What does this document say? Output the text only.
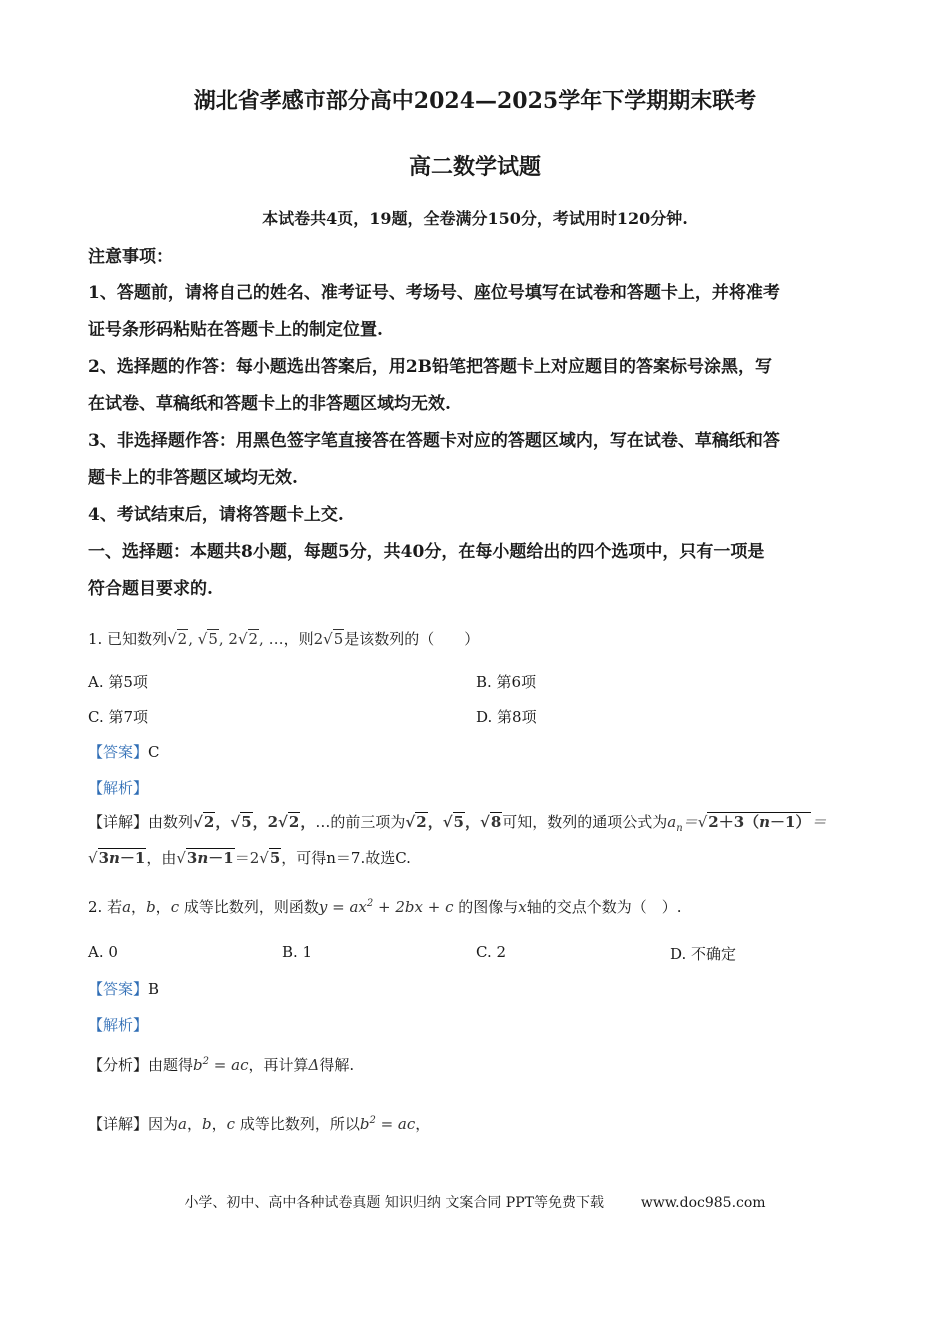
湖北省孝感市部分高中2024—2025学年下学期期末联考
高二数学试题
本试卷共4页，19题，全卷满分150分，考试用时120分钟.
注意事项：
1、答题前，请将自己的姓名、准考证号、考场号、座位号填写在试卷和答题卡上，并将准考
证号条形码粘贴在答题卡上的制定位置.
2、选择题的作答：每小题选出答案后，用2B铅笔把答题卡上对应题目的答案标号涂黑，写
在试卷、草稿纸和答题卡上的非答题区域均无效.
3、非选择题作答：用黑色签字笔直接答在答题卡对应的答题区域内，写在试卷、草稿纸和答
题卡上的非答题区域均无效.
4、考试结束后，请将答题卡上交.
一、选择题：本题共8小题，每题5分，共40分，在每小题给出的四个选项中，只有一项是
符合题目要求的.
1. 已知数列√2, √5, 2√2, …，则2√5是该数列的（　　）
A. 第5项	B. 第6项
C. 第7项	D. 第8项
【答案】C
【解析】
【详解】由数列√2，√5，2√2，…的前三项为√2，√5，√8可知，数列的通项公式为$a_n=√2+3(n-1)=$
√3n－1，由√3n－1＝2√5，可得n＝7.故选C.
2. 若a，b，c 成等比数列，则函数$y = ax^2 + 2bx + c$ 的图像与x轴的交点个数为（　）.
A. 0	B. 1	C. 2	D. 不确定
【答案】B
【解析】
【分析】由题得$b^2$ = ac，再计算Δ得解.
【详解】因为a，b，c 成等比数列，所以$b^2$ = ac，
小学、初中、高中各种试卷真题 知识归纳 文案合同 PPT等免费下载	www.doc985.com
